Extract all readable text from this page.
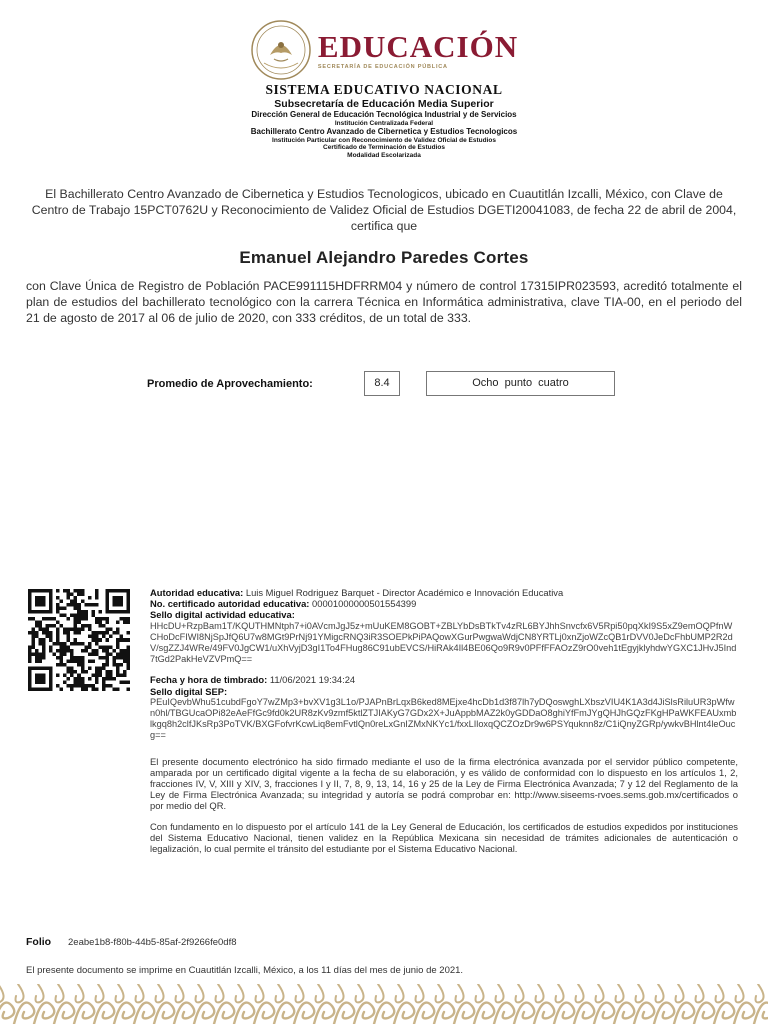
EDUCACIÓN
SECRETARÍA DE EDUCACIÓN PÚBLICA
SISTEMA EDUCATIVO NACIONAL
Subsecretaría de Educación Media Superior
Dirección General de Educación Tecnológica Industrial y de Servicios
Institución Centralizada Federal
Bachillerato Centro Avanzado de Cibernetica y Estudios Tecnologicos
Institución Particular con Reconocimiento de Validez Oficial de Estudios
Certificado de Terminación de Estudios
Modalidad Escolarizada
El Bachillerato Centro Avanzado de Cibernetica y Estudios Tecnologicos, ubicado en Cuautitlán Izcalli, México, con Clave de Centro de Trabajo 15PCT0762U y Reconocimiento de Validez Oficial de Estudios DGETI20041083, de fecha 22 de abril de 2004, certifica que
Emanuel Alejandro Paredes Cortes
con Clave Única de Registro de Población PACE991115HDFRRM04 y número de control 17315IPR023593, acreditó totalmente el plan de estudios del bachillerato tecnológico con la carrera Técnica en Informática administrativa, clave TIA-00, en el periodo del 21 de agosto de 2017 al 06 de julio de 2020, con 333 créditos, de un total de 333.
Promedio de Aprovechamiento:	8.4	Ocho punto cuatro
Autoridad educativa: Luis Miguel Rodriguez Barquet - Director Académico e Innovación Educativa
No. certificado autoridad educativa: 00001000000501554399
Sello digital actividad educativa:
HHcDU+RzpBam1T/KQUTHMNtph7+i0AVcmJgJ5z+mUuKEM8GOBT+ZBLYbDsBTkTv4zRL6BYJhhSnvcfx6V5Rpi50pqXkI9S5xZ9emOQPfnWCHoDcFIWI8NjSpJfQ6U7w8MGt9PrNj91YMigcRNQ3iR3SOEPkPiPAQowXGurPwgwaWdjCN8YRTLj0xnZjoWZcQB1rDVV0JeDcFhbUMP2R2dV/sgZZJ4WRe/49FV0JgCW1/uXhVyjD3gI1To4FHug86C91ubEVCS/HiRAk4Il4BE06Qo9R9v0PFfFFAOzZ9rO0veh1tEgyjklyhdwYGXC1JHvJ5Ind7tGd2PakHeVZVPmQ==
Fecha y hora de timbrado: 11/06/2021 19:34:24
Sello digital SEP:
PEuIQevbWhu51cubdFgoY7wZMp3+bvXV1g3L1o/PJAPnBrLqxB6ked8MEjxe4hcDb1d3f87lh7yDQoswghLXbszVIU4K1A3d4JiSlsRiluUR3pWfwn0hl/TBGUcaOPi82eAeFfGc9fd0k2UR8zKv9zmf5ktlZTJIAKyG7GDx2X+JuAppbMAZ2k0yGDDaO8ghiYfFmJYgQHJhGQzFKgHPaWKFEAUxmblkgq8h2clfJKsRp3PoTVK/BXGFofvrKcwLiq8emFvtlQn0reLxGnIZMxNKYc1/fxxLIloxqQCZOzDr9w6PSYquknn8z/C1iQnyZGRp/ywkvBHlnt4leOucg==
El presente documento electrónico ha sido firmado mediante el uso de la firma electrónica avanzada por el servidor público competente, amparada por un certificado digital vigente a la fecha de su elaboración, y es válido de conformidad con lo dispuesto en los artículos 1, 2, fracciones IV, V, XIII y XIV, 3, fracciones I y II, 7, 8, 9, 13, 14, 16 y 25 de la Ley de Firma Electrónica Avanzada; 7 y 12 del Reglamento de la Ley de Firma Electrónica Avanzada; su integridad y autoría se podrá comprobar en: http://www.siseems-rvoes.sems.gob.mx/certificados o por medio del QR.
Con fundamento en lo dispuesto por el artículo 141 de la Ley General de Educación, los certificados de estudios expedidos por instituciones del Sistema Educativo Nacional, tienen validez en la República Mexicana sin necesidad de trámites adicionales de autenticación o legalización, lo cual permite el tránsito del estudiante por el Sistema Educativo Nacional.
Folio 2eabe1b8-f80b-44b5-85af-2f9266fe0df8
El presente documento se imprime en Cuautitlán Izcalli, México, a los 11 días del mes de junio de 2021.
